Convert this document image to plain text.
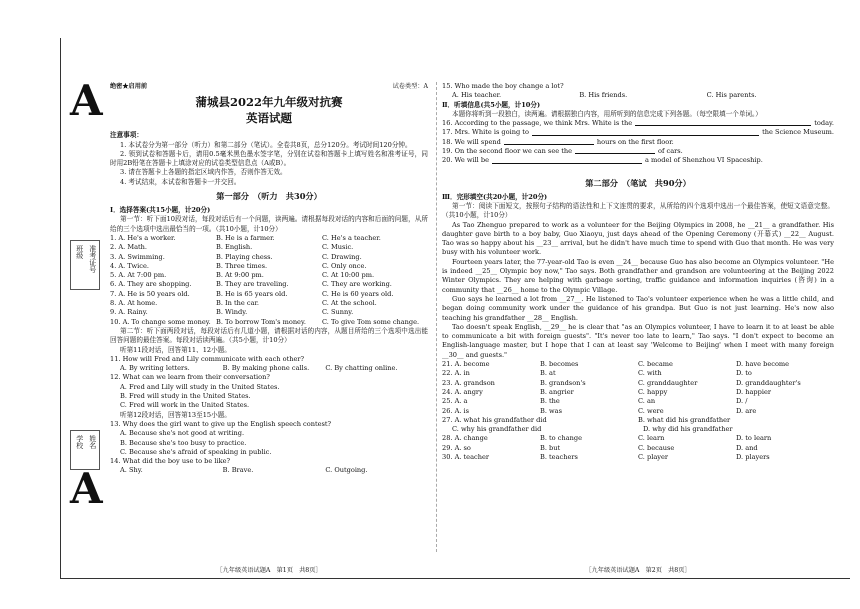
A
A
班级 准考证号
学校 姓名
绝密★启用前	试卷类型：A
蒲城县2022年九年级对抗赛
英语试题
注意事项：
1. 本试卷分为第一部分（听力）和第二部分（笔试）。全卷共8页，总分120分。考试时间120分钟。
2. 领到试卷和答题卡后，请用0.5毫米黑色墨水签字笔，分别在试卷和答题卡上填写姓名和准考证号，同时用2B铅笔在答题卡上填涂对应的试卷类型信息点（A或B）。
3. 请在答题卡上各题的指定区域内作答，否则作答无效。
4. 考试结束，本试卷和答题卡一并交回。
第一部分　（听力　共30分）
Ⅰ．选择答案(共15小题，计20分)
第一节：听下面10段对话，每段对话后有一个问题，读两遍。请根据每段对话的内容和后面的问题，从所给的三个选项中选出最恰当的一项。（共10小题，计10分）
1. A. He's a worker.	B. He is a farmer.	C. He's a teacher.
2. A. Math.	B. English.	C. Music.
3. A. Swimming.	B. Playing chess.	C. Drawing.
4. A. Twice.	B. Three times.	C. Only once.
5. A. At 7:00 pm.	B. At 9:00 pm.	C. At 10:00 pm.
6. A. They are shopping.	B. They are traveling.	C. They are working.
7. A. He is 50 years old.	B. He is 65 years old.	C. He is 60 years old.
8. A. At home.	B. In the car.	C. At the school.
9. A. Rainy.	B. Windy.	C. Sunny.
10. A. To change some money. B. To borrow Tom's money.	C. To give Tom some change.
第二节：听下面两段对话，每段对话后有几道小题，请根据对话的内容，从题目所给的三个选项中选出能回答问题的最佳答案。每段对话读两遍。（共5小题，计10分）
听第11段对话，回答第11、12小题。
11. How will Fred and Lily communicate with each other?
A. By writing letters.	B. By making phone calls.	C. By chatting online.
12. What can we learn from their conversation?
A. Fred and Lily will study in the United States.
B. Fred will study in the United States.
C. Fred will work in the United States.
听第12段对话，回答第13至15小题。
13. Why does the girl want to give up the English speech contest?
A. Because she's not good at writing.
B. Because she's too busy to practice.
C. Because she's afraid of speaking in public.
14. What did the boy use to be like?
A. Shy.	B. Brave.	C. Outgoing.
15. Who made the boy change a lot?
A. His teacher.	B. His friends.	C. His parents.
Ⅱ．听填信息(共5小题，计10分)
本题你将听到一段独白，读两遍。请根据独白内容，用所听到的信息完成下列各题。（每空限填一个单词。）
16. According to the passage, we think Mrs. White is the	today.
17. Mrs. White is going to	the Science Museum.
18. We will spend	hours on the first floor.
19. On the second floor we can see the	of cars.
20. We will be	a model of Shenzhou VI Spaceship.
第二部分　（笔试　共90分）
Ⅲ．完形填空(共20小题，计20分)
第一节：阅读下面短文，按照句子结构的语法性和上下文连贯的要求，从所给的四个选项中选出一个最佳答案，使短文语意完整。（共10小题，计10分）
As Tao Zhenguo prepared to work as a volunteer for the Beijing Olympics in 2008, he __21__ a grandfather. His daughter gave birth to a boy baby, Guo Xiaoyu, just days ahead of the Opening Ceremony (开幕式) __22__ August. Tao was so happy about his __23__ arrival, but he didn't have much time to spend with Guo that month. He was very busy with his volunteer work.
Fourteen years later, the 77-year-old Tao is even __24__ because Guo has also become an Olympics volunteer. "He is indeed __25__ Olympic boy now," Tao says. Both grandfather and grandson are volunteering at the Beijing 2022 Winter Olympics. They are helping with garbage sorting, traffic guidance and information inquiries (咨询) in a community that __26__ home to the Olympic Village.
Guo says he learned a lot from __27__. He listened to Tao's volunteer experience when he was a little child, and began doing community work under the guidance of his grandpa. But Guo is not just learning. He's now also teaching his grandfather __28__ English.
Tao doesn't speak English, __29__ he is clear that "as an Olympics volunteer, I have to learn it to at least be able to communicate a bit with foreign guests". "It's never too late to learn," Tao says. "I don't expect to become an English-language master, but I hope that I can at least say 'Welcome to Beijing' when I meet with many foreign __30__ and guests."
21. A. become	B. becomes	C. became	D. have become
22. A. in	B. at	C. with	D. to
23. A. grandson	B. grandson's	C. granddaughter	D. granddaughter's
24. A. angry	B. angrier	C. happy	D. happier
25. A. a	B. the	C. an	D. /
26. A. is	B. was	C. were	D. are
27. A. what his grandfather did	B. what did his grandfather
C. why his grandfather did	D. why did his grandfather
28. A. change	B. to change	C. learn	D. to learn
29. A. so	B. but	C. because	D. and
30. A. teacher	B. teachers	C. player	D. players
［九年级英语试题A　第1页　共8页］	［九年级英语试题A　第2页　共8页］
